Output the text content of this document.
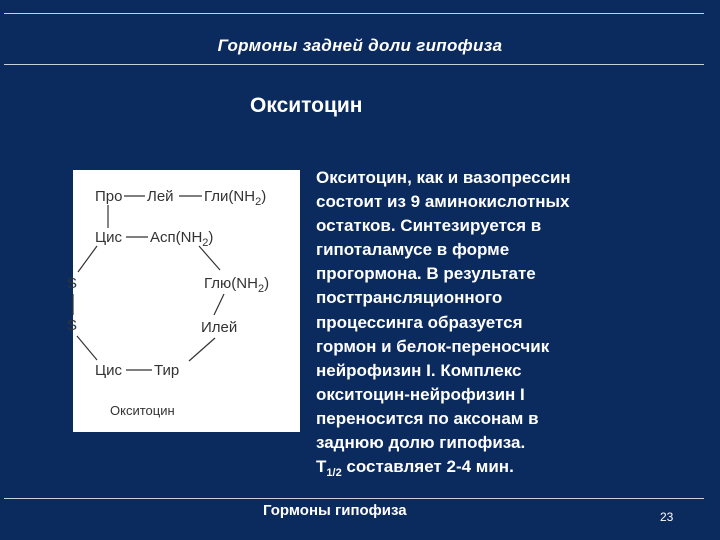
Гормоны задней доли гипофиза
Окситоцин
Про Лей $Гли(NH_2)$
Цис $Асп(NH_2)$
S	$Глю(NH_2)$
S	Илей
Цис Тир
Окситоцин
Окситоцин, как и вазопрессин
состоит из 9 аминокислотных
остатков. Синтезируется в
гипоталамусе в форме
прогормона. В результате
посттрансляционного
процессинга образуется
гормон и белок-переносчик
нейрофизин I. Комплекс
окситоцин-нейрофизин I
переносится по аксонам в
заднюю долю гипофиза.
$T_{1/2}$ составляет 2-4 мин.
Гормоны гипофиза	23
